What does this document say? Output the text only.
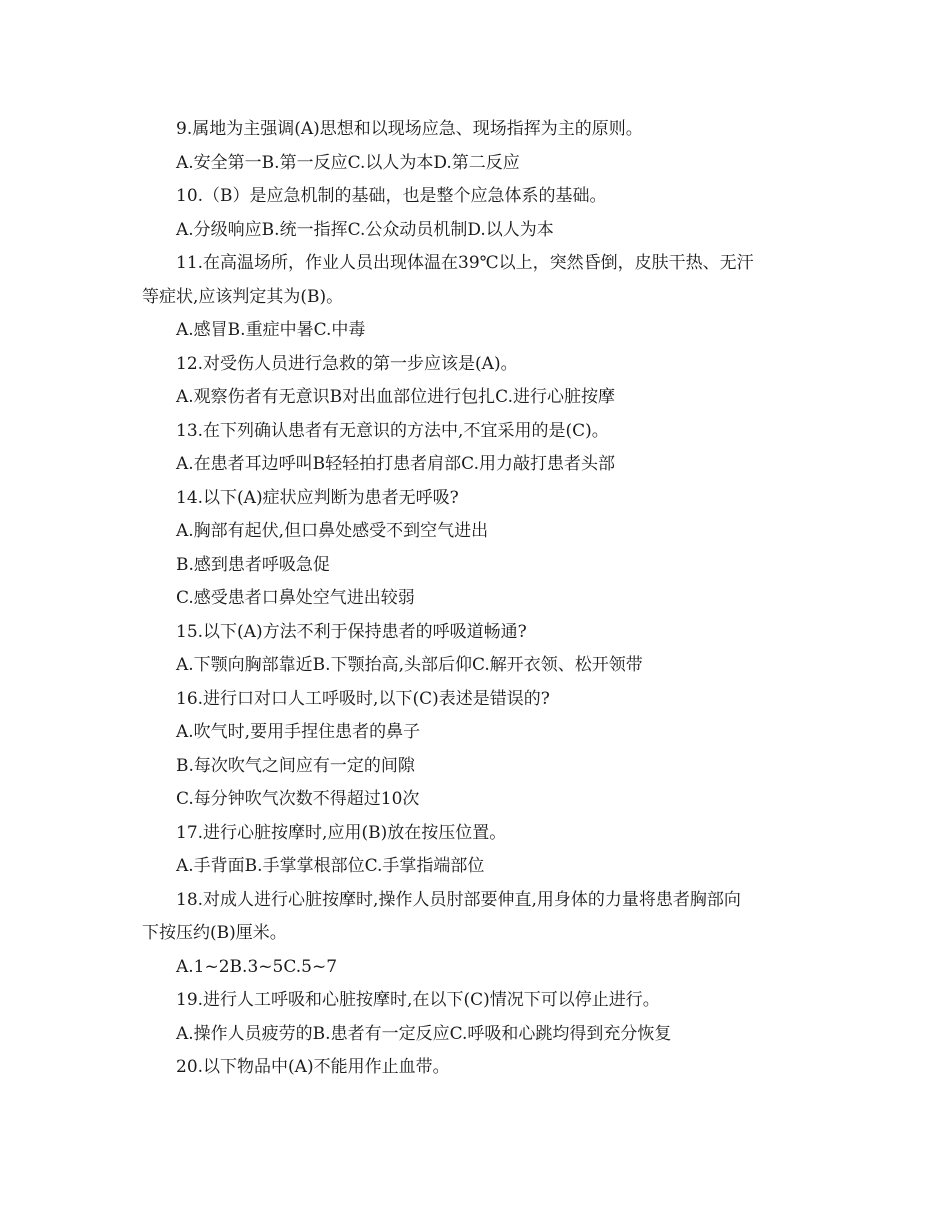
9.属地为主强调(A)思想和以现场应急、现场指挥为主的原则。
A.安全第一B.第一反应C.以人为本D.第二反应
10.（B）是应急机制的基础，也是整个应急体系的基础。
A.分级响应B.统一指挥C.公众动员机制D.以人为本
11.在高温场所，作业人员出现体温在39℃以上，突然昏倒，皮肤干热、无汗
等症状,应该判定其为(B)。
A.感冒B.重症中暑C.中毒
12.对受伤人员进行急救的第一步应该是(A)。
A.观察伤者有无意识B对出血部位进行包扎C.进行心脏按摩
13.在下列确认患者有无意识的方法中,不宜采用的是(C)。
A.在患者耳边呼叫B轻轻拍打患者肩部C.用力敲打患者头部
14.以下(A)症状应判断为患者无呼吸?
A.胸部有起伏,但口鼻处感受不到空气进出
B.感到患者呼吸急促
C.感受患者口鼻处空气进出较弱
15.以下(A)方法不利于保持患者的呼吸道畅通?
A.下颚向胸部靠近B.下颚抬高,头部后仰C.解开衣领、松开领带
16.进行口对口人工呼吸时,以下(C)表述是错误的?
A.吹气时,要用手捏住患者的鼻子
B.每次吹气之间应有一定的间隙
C.每分钟吹气次数不得超过10次
17.进行心脏按摩时,应用(B)放在按压位置。
A.手背面B.手掌掌根部位C.手掌指端部位
18.对成人进行心脏按摩时,操作人员肘部要伸直,用身体的力量将患者胸部向
下按压约(B)厘米。
A.1~2B.3~5C.5~7
19.进行人工呼吸和心脏按摩时,在以下(C)情况下可以停止进行。
A.操作人员疲劳的B.患者有一定反应C.呼吸和心跳均得到充分恢复
20.以下物品中(A)不能用作止血带。
